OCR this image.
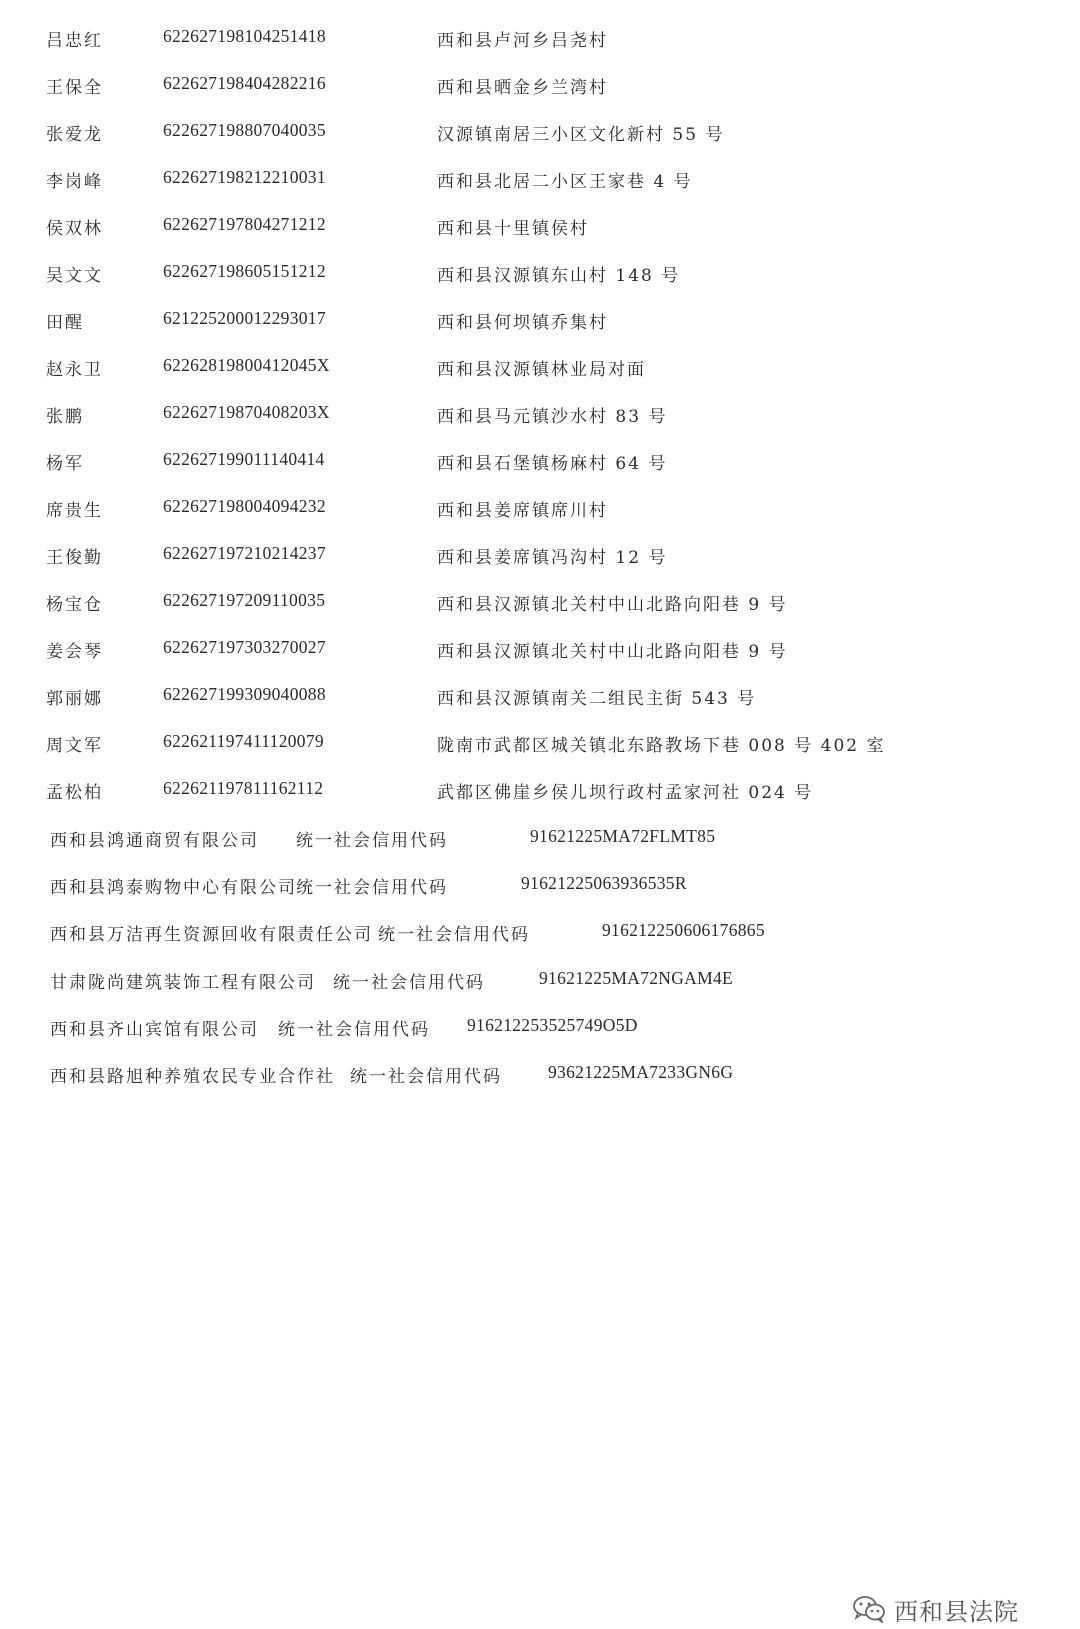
吕忠红	622627198104251418	西和县卢河乡吕尧村
王保全	622627198404282216	西和县晒金乡兰湾村
张爱龙	622627198807040035	汉源镇南居三小区文化新村 55 号
李岗峰	622627198212210031	西和县北居二小区王家巷 4 号
侯双林	622627197804271212	西和县十里镇侯村
吴文文	622627198605151212	西和县汉源镇东山村 148 号
田醒	621225200012293017	西和县何坝镇乔集村
赵永卫	62262819800412045X	西和县汉源镇林业局对面
张鹏	62262719870408203X	西和县马元镇沙水村 83 号
杨军	622627199011140414	西和县石堡镇杨麻村 64 号
席贵生	622627198004094232	西和县姜席镇席川村
王俊勤	622627197210214237	西和县姜席镇冯沟村 12 号
杨宝仓	622627197209110035	西和县汉源镇北关村中山北路向阳巷 9 号
姜会琴	622627197303270027	西和县汉源镇北关村中山北路向阳巷 9 号
郭丽娜	622627199309040088	西和县汉源镇南关二组民主街 543 号
周文军	622621197411120079	陇南市武都区城关镇北东路教场下巷 008 号 402 室
孟松柏	622621197811162112	武都区佛崖乡侯儿坝行政村孟家河社 024 号
西和县鸿通商贸有限公司 统一社会信用代码	91621225MA72FLMT85
西和县鸿泰购物中心有限公司 统一社会信用代码	91621225063936535R
西和县万洁再生资源回收有限责任公司 统一社会信用代码	916212250606176865
甘肃陇尚建筑装饰工程有限公司 统一社会信用代码	91621225MA72NGAM4E
西和县齐山宾馆有限公司 统一社会信用代码 916212253525749O5D
西和县路旭种养殖农民专业合作社 统一社会信用代码	93621225MA7233GN6G
西和县法院
